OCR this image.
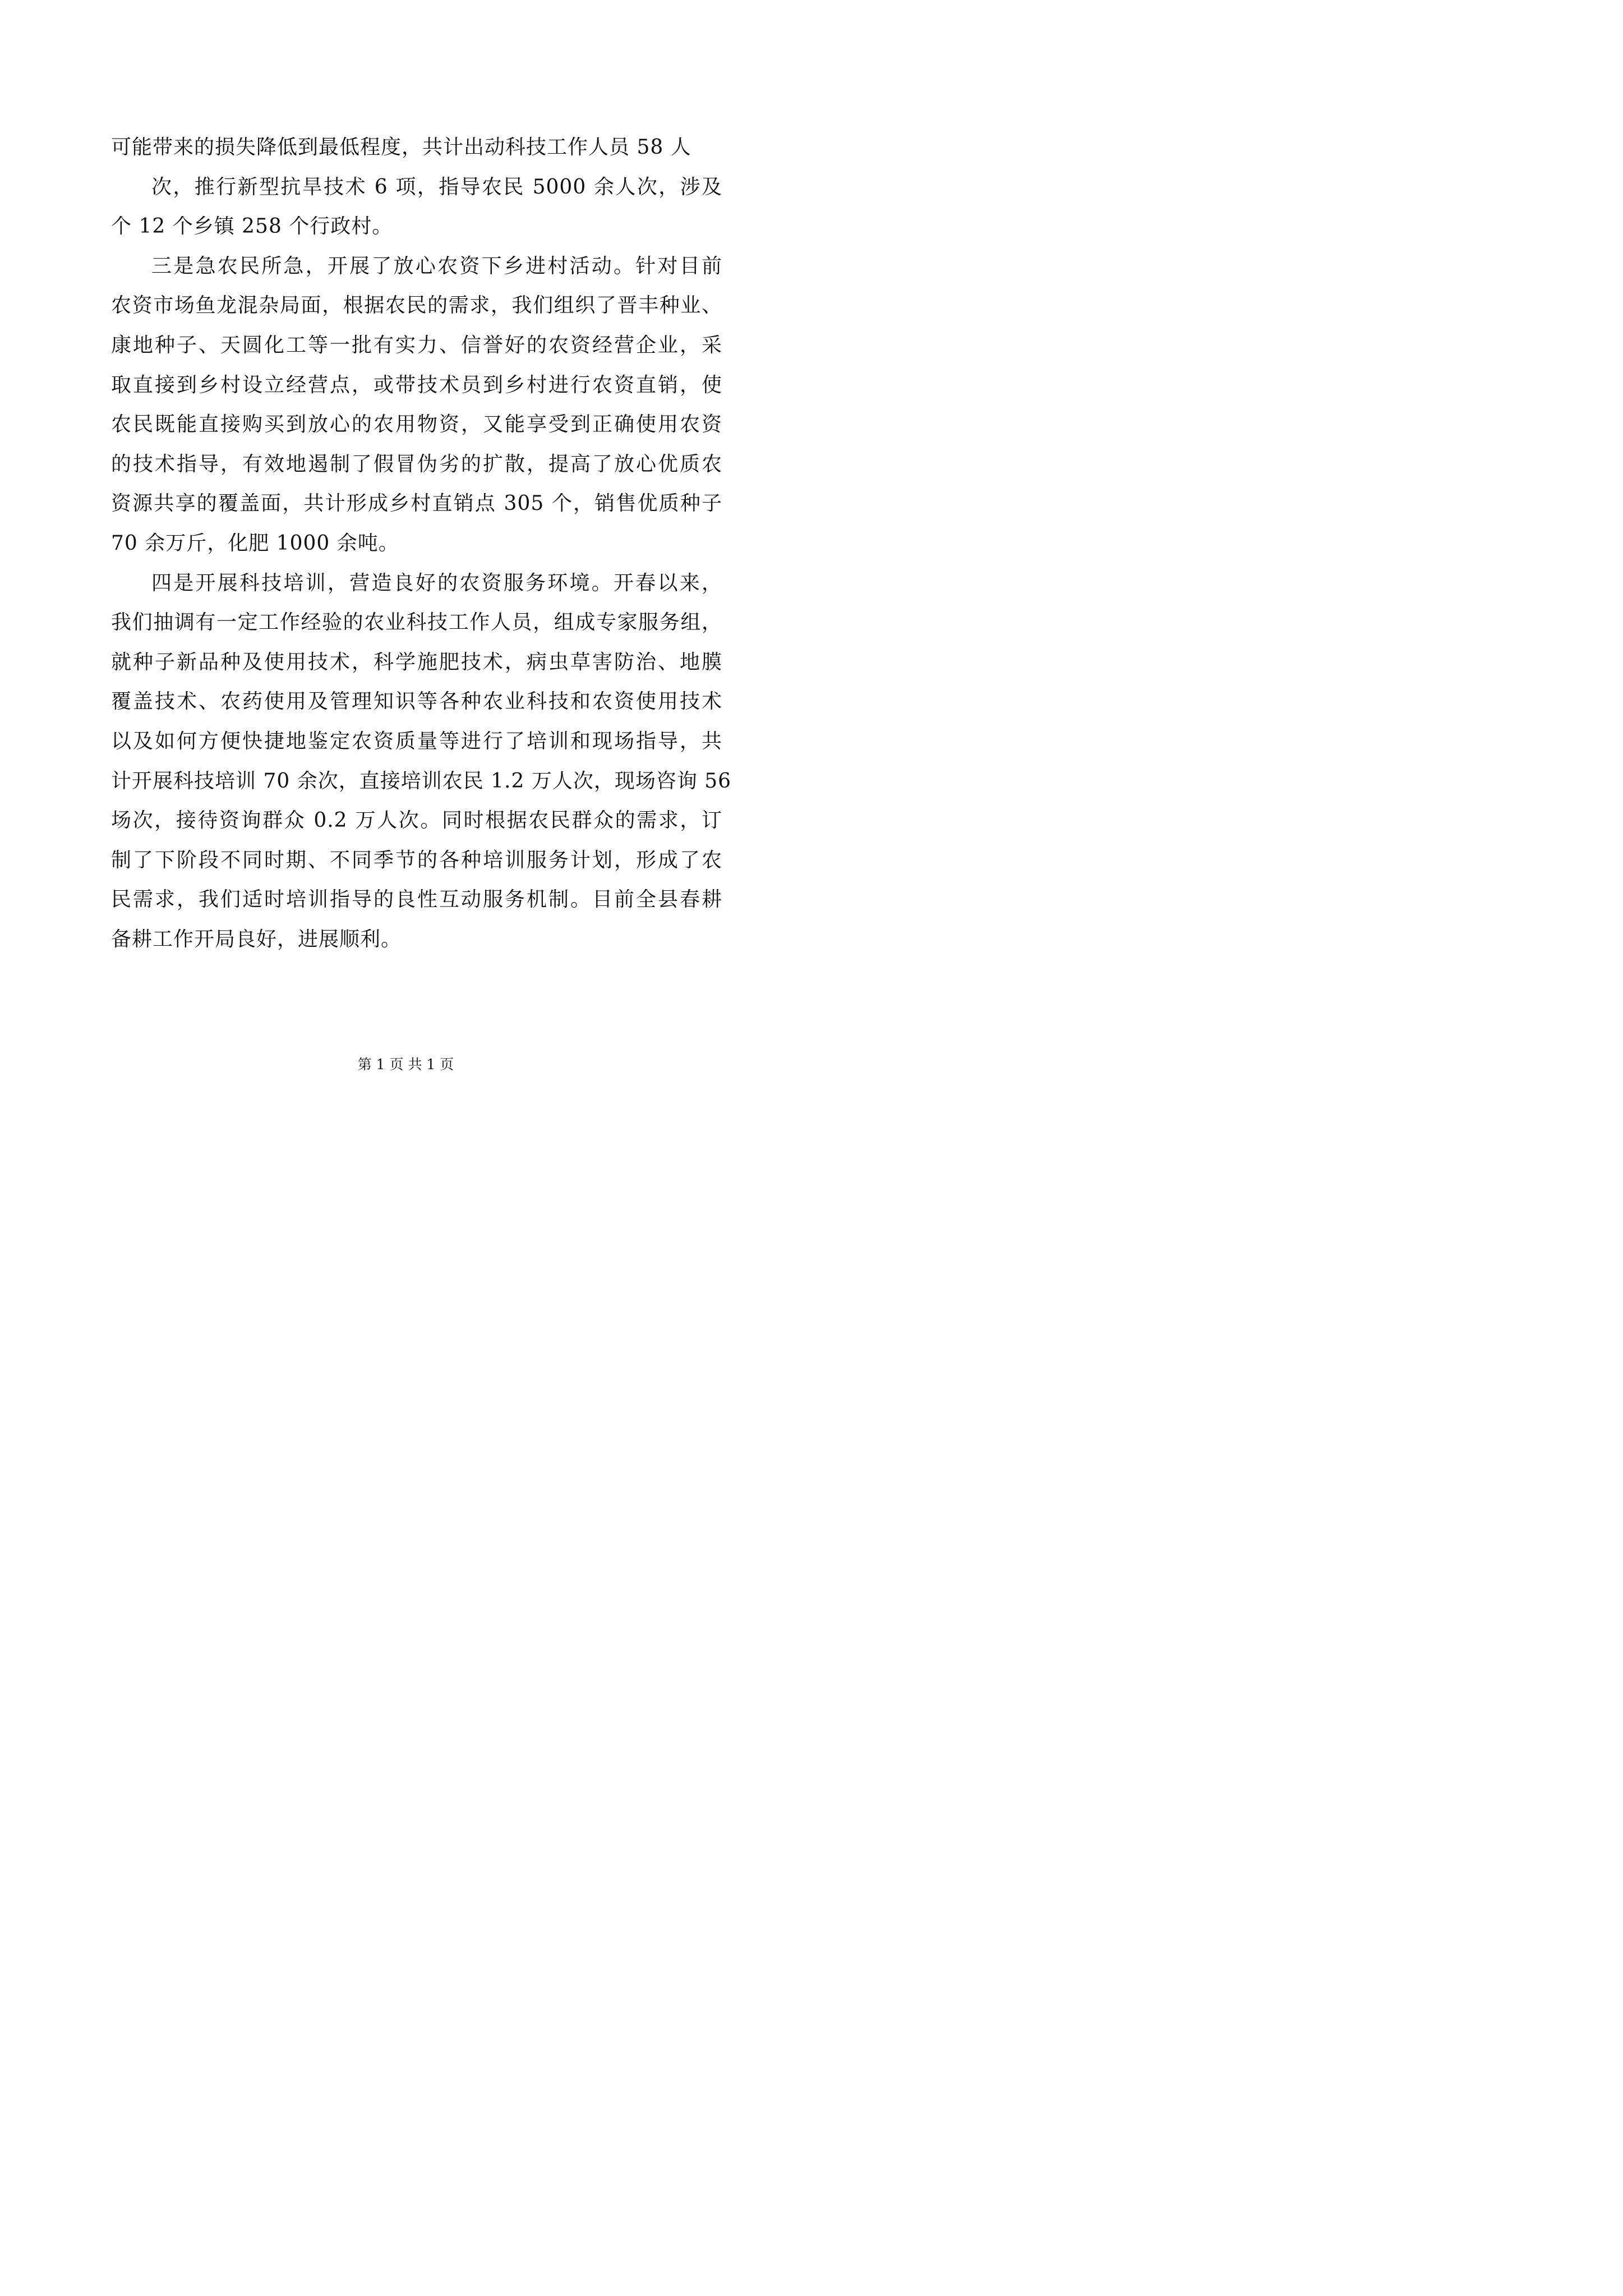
可能带来的损失降低到最低程度，共计出动科技工作人员 58 人
次，推行新型抗旱技术 6 项，指导农民 5000 余人次，涉及
个 12 个乡镇 258 个行政村。
三是急农民所急，开展了放心农资下乡进村活动。针对目前
农资市场鱼龙混杂局面，根据农民的需求，我们组织了晋丰种业、
康地种子、天圆化工等一批有实力、信誉好的农资经营企业，采
取直接到乡村设立经营点，或带技术员到乡村进行农资直销，使
农民既能直接购买到放心的农用物资，又能享受到正确使用农资
的技术指导，有效地遏制了假冒伪劣的扩散，提高了放心优质农
资源共享的覆盖面，共计形成乡村直销点 305 个，销售优质种子
70 余万斤，化肥 1000 余吨。
四是开展科技培训，营造良好的农资服务环境。开春以来，
我们抽调有一定工作经验的农业科技工作人员，组成专家服务组，
就种子新品种及使用技术，科学施肥技术，病虫草害防治、地膜
覆盖技术、农药使用及管理知识等各种农业科技和农资使用技术
以及如何方便快捷地鉴定农资质量等进行了培训和现场指导，共
计开展科技培训 70 余次，直接培训农民 1.2 万人次，现场咨询 56
场次，接待资询群众 0.2 万人次。同时根据农民群众的需求，订
制了下阶段不同时期、不同季节的各种培训服务计划，形成了农
民需求，我们适时培训指导的良性互动服务机制。目前全县春耕
备耕工作开局良好，进展顺利。
第 1 页 共 1 页
